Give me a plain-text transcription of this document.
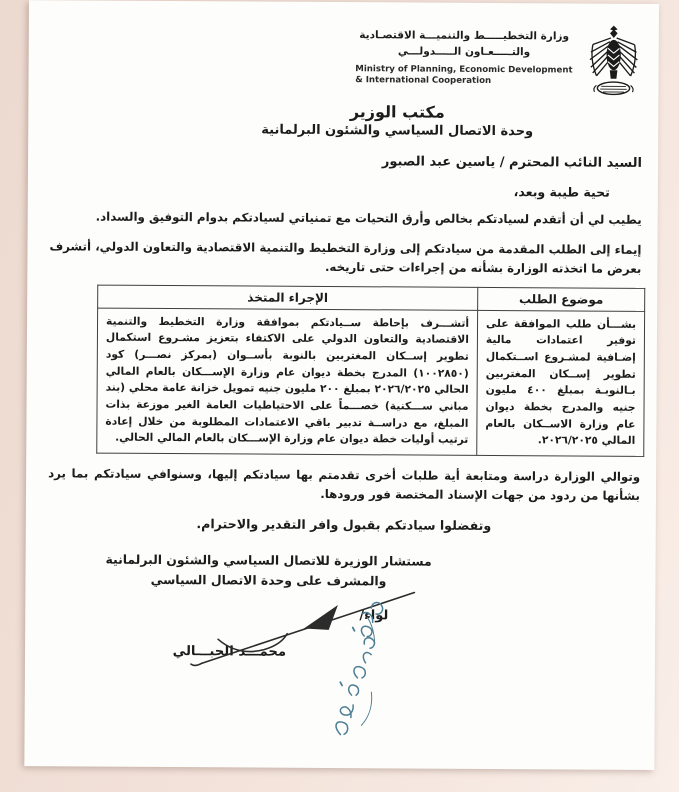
وزارة التخطيـــــط والتنميـــة الاقتصـادية
والتـــــعـاون الـــــدولـــي
Ministry of Planning, Economic Development
& International Cooperation
مكتب الوزير
وحدة الاتصال السياسي والشئون البرلمانية
السيد النائب المحترم / ياسين عبد الصبور
تحية طيبة وبعد،
يطيب لي أن أتقدم لسيادتكم بخالص وأرق التحيات مع تمنياتي لسيادتكم بدوام التوفيق والسداد.
إيماء إلى الطلب المقدمة من سيادتكم إلى وزارة التخطيط والتنمية الاقتصادية والتعاون الدولي، أتشرف بعرض ما اتخذته الوزارة بشأنه من إجراءات حتى تاريخه.
موضوع الطلب	الإجراء المتخذ
بشـــأن طلب الموافقة على توفير اعتمادات مالية إضـافية لمشـروع اســتكمال تطوير إســكان المغتربين بـالنوبـة بمبلغ ٤٠٠ مليون جنيه والمدرج بخطة ديوان عام وزارة الاســكان بالعام المالي ٢٠٢٦/٢٠٢٥.	أتشـــرف بإحاطة ســيادتكم بموافقة وزارة التخطيط والتنمية الاقتصادية والتعاون الدولي على الاكتفاء بتعزيز مشـروع استكمال تطوير إســكان المغتربين بالنوبة بأســوان (بمركز نصـــر) كود (١٠٠٢٨٥٠) المدرج بخطة ديوان عام وزارة الإســـكان بالعام المالي الحالي ٢٠٢٦/٢٠٢٥ بمبلغ ٢٠٠ مليون جنيه تمويل خزانة عامة محلي (بند مباني ســـكنية) خصـــماً على الاحتياطيات العامة الغير موزعة بذات المبلغ، مع دراســة تدبير باقي الاعتمادات المطلوبة من خلال إعادة ترتيب أوليات خطة ديوان عام وزارة الإســـكان بالعام المالي الحالي.
وتوالي الوزارة دراسة ومتابعة أية طلبات أخرى تقدمتم بها سيادتكم إليها، وسنوافي سيادتكم بما يرد بشأنها من ردود من جهات الإسناد المختصة فور ورودها.
وتفضلوا سيادتكم بقبول وافر التقدير والاحترام.
مستشار الوزيرة للاتصال السياسي والشئون البرلمانية
والمشرف على وحدة الاتصال السياسي
لواء/
محمـــد الجبـــالي
